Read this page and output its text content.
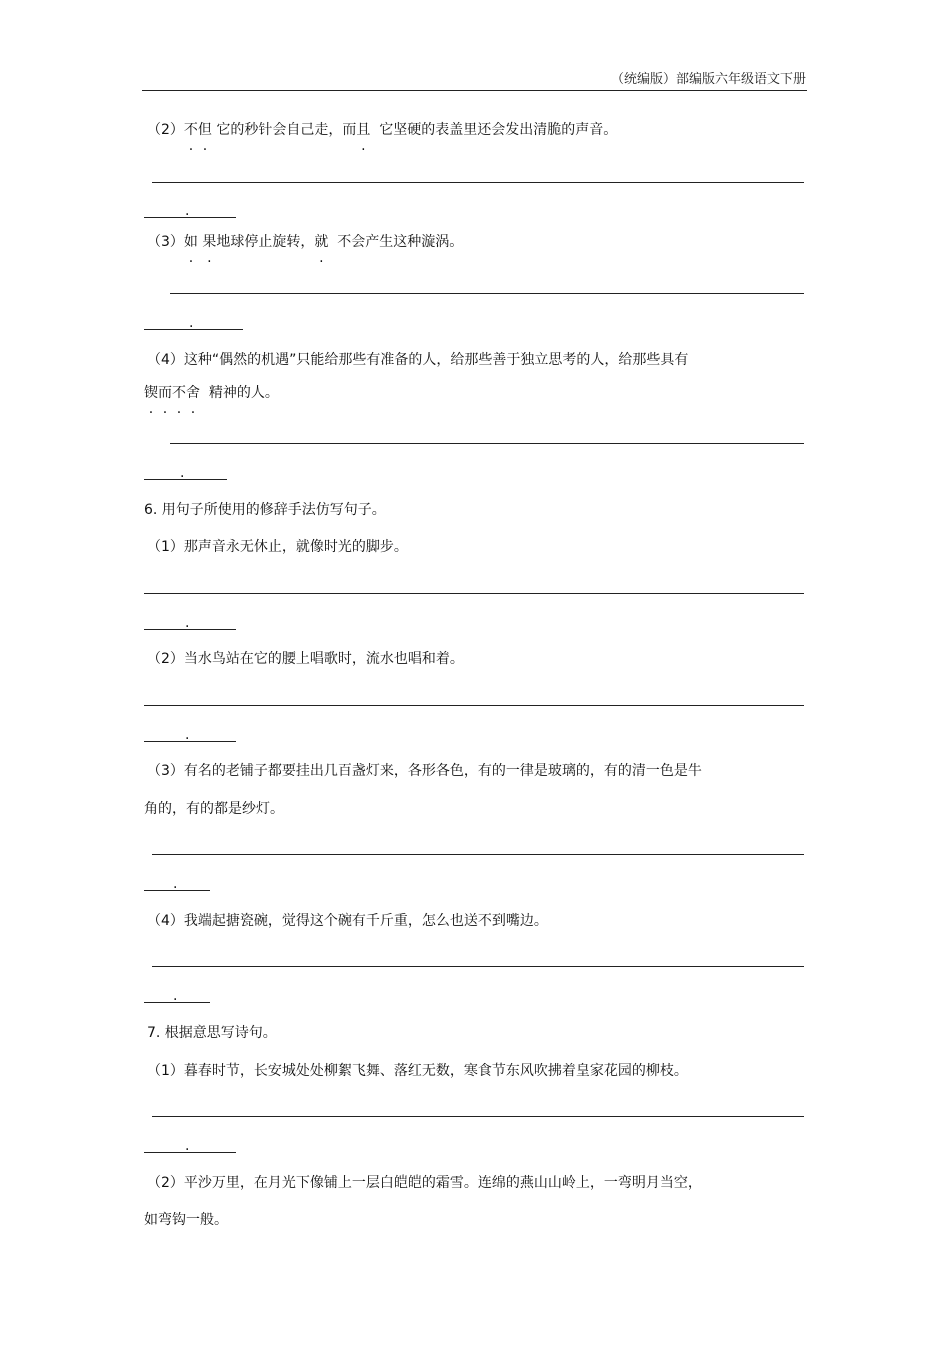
（统编版）部编版六年级语文下册
（2）不但 它的秒针会自己走，而且 它坚硬的表盖里还会发出清脆的声音。
.
（3）如 果地球停止旋转，就 不会产生这种漩涡。
.
（4）这种“偶然的机遇”只能给那些有准备的人，给那些善于独立思考的人，给那些具有
锲而不舍 精神的人。
.
6. 用句子所使用的修辞手法仿写句子。
（1）那声音永无休止，就像时光的脚步。
.
（2）当水鸟站在它的腰上唱歌时，流水也唱和着。
.
（3）有名的老铺子都要挂出几百盏灯来，各形各色，有的一律是玻璃的，有的清一色是牛
角的，有的都是纱灯。
.
（4）我端起搪瓷碗，觉得这个碗有千斤重，怎么也送不到嘴边。
.
7. 根据意思写诗句。
（1）暮春时节，长安城处处柳絮飞舞、落红无数，寒食节东风吹拂着皇家花园的柳枝。
.
（2）平沙万里，在月光下像铺上一层白皑皑的霜雪。连绵的燕山山岭上，一弯明月当空，
如弯钩一般。
